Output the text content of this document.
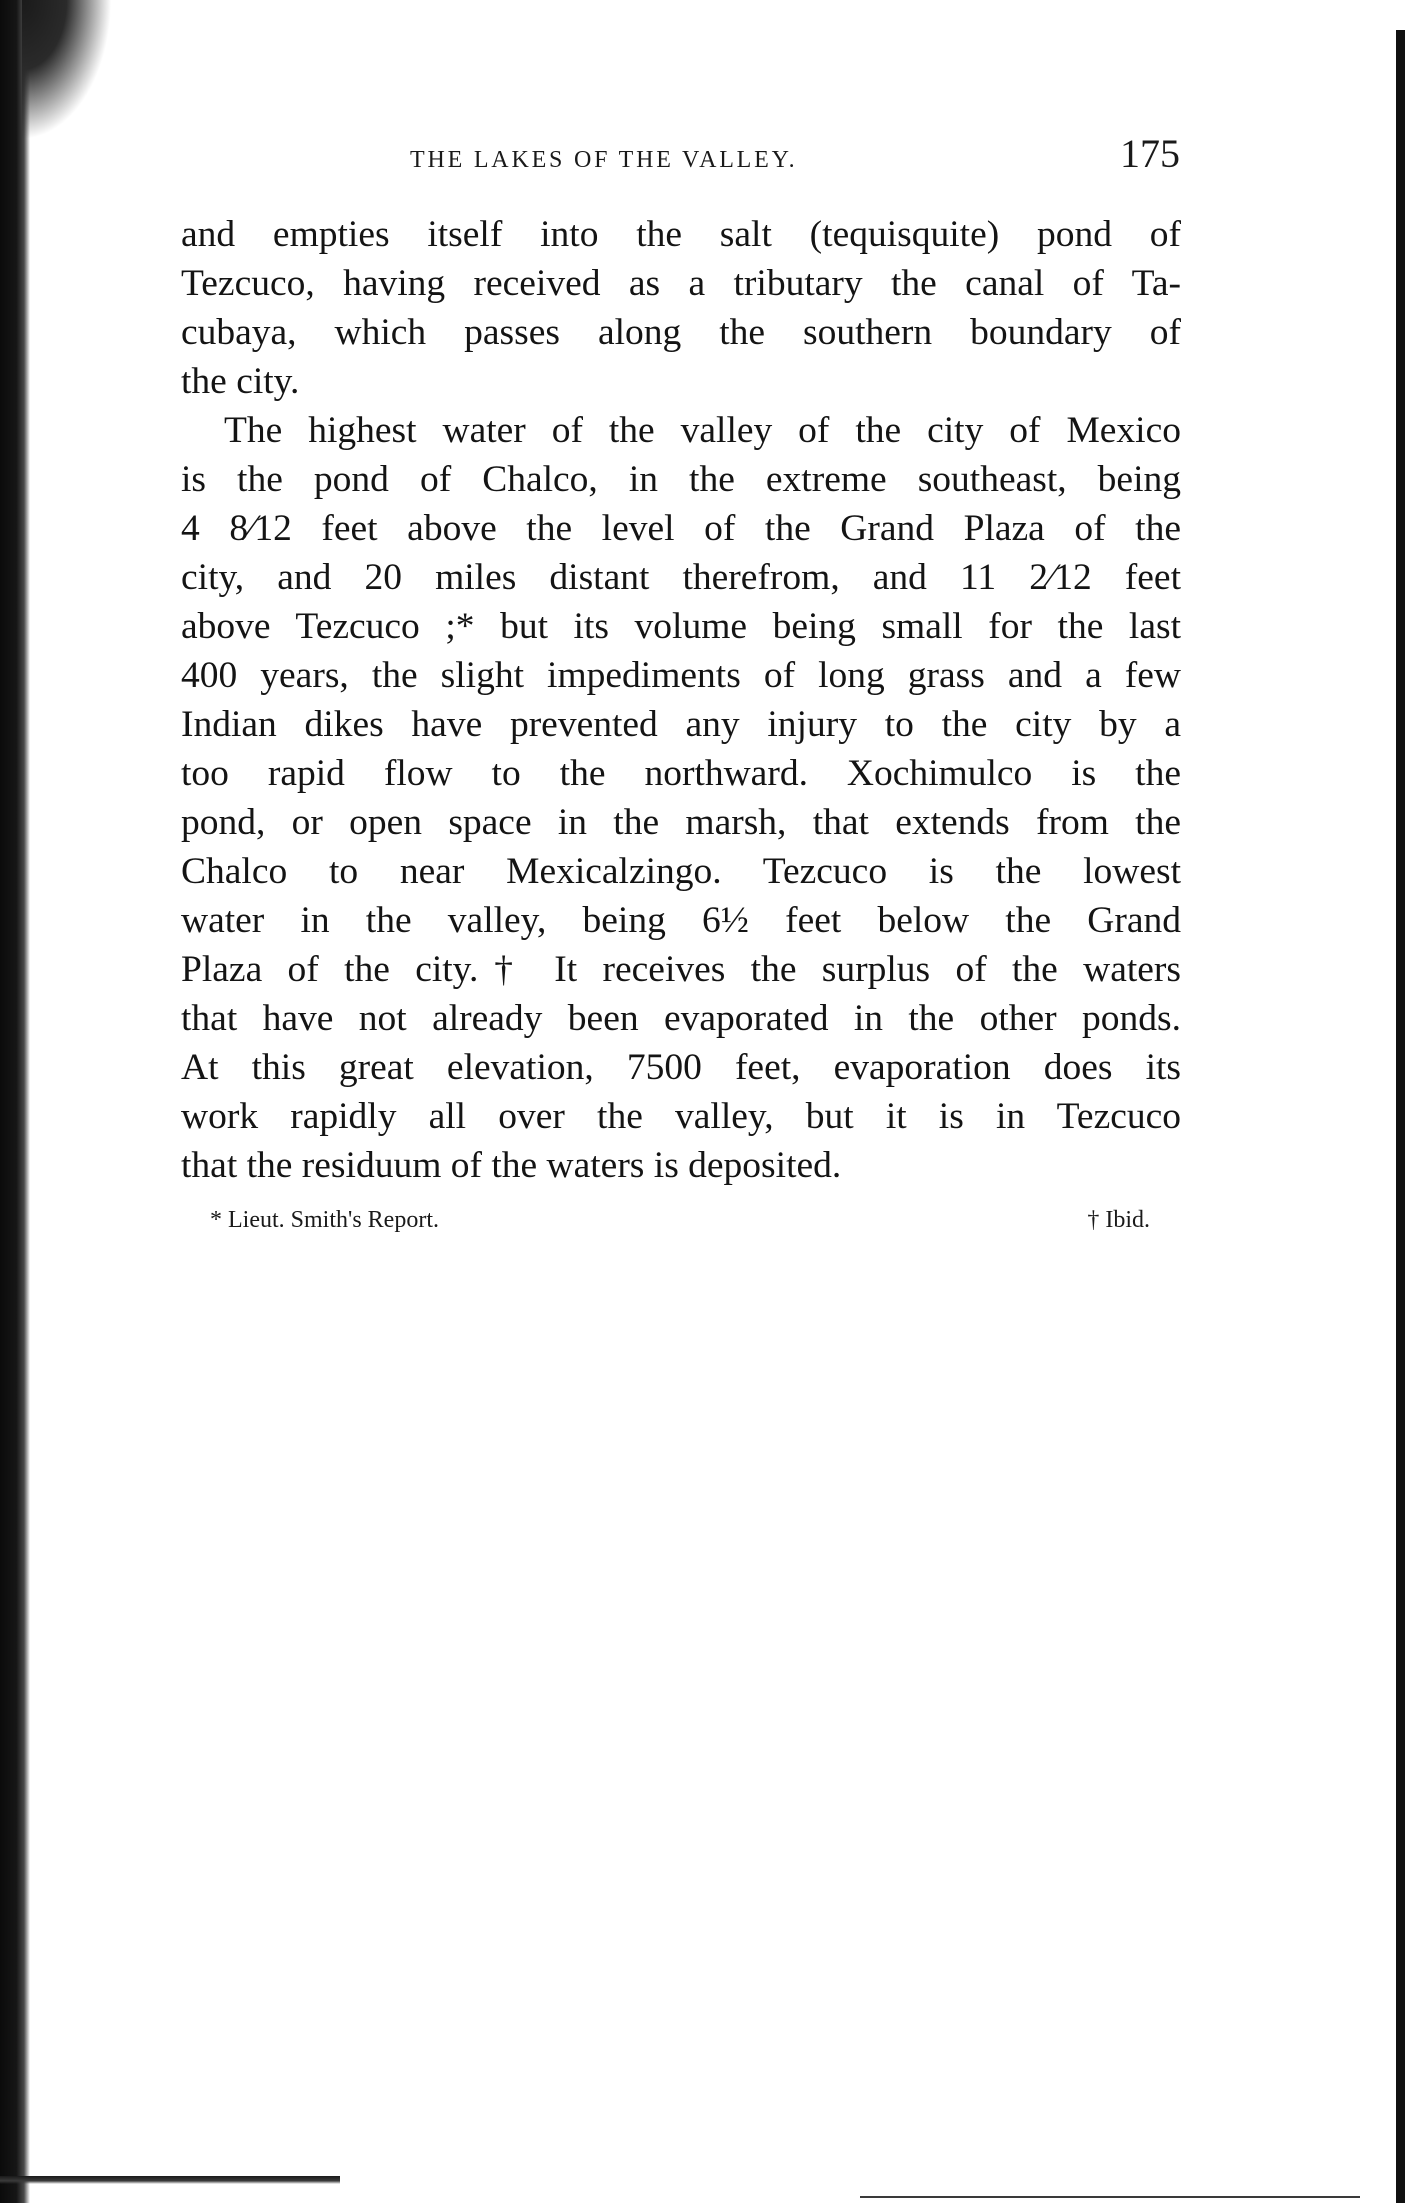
THE LAKES OF THE VALLEY.	175
and empties itself into the salt (tequisquite) pond of
Tezcuco, having received as a tributary the canal of Ta-
cubaya, which passes along the southern boundary of
the city.
The highest water of the valley of the city of Mexico
is the pond of Chalco, in the extreme southeast, being
4 8⁄12 feet above the level of the Grand Plaza of the
city, and 20 miles distant therefrom, and 11 2⁄12 feet
above Tezcuco ;* but its volume being small for the last
400 years, the slight impediments of long grass and a few
Indian dikes have prevented any injury to the city by a
too rapid flow to the northward. Xochimulco is the
pond, or open space in the marsh, that extends from the
Chalco to near Mexicalzingo. Tezcuco is the lowest
water in the valley, being 6½ feet below the Grand
Plaza of the city.† It receives the surplus of the waters
that have not already been evaporated in the other ponds.
At this great elevation, 7500 feet, evaporation does its
work rapidly all over the valley, but it is in Tezcuco
that the residuum of the waters is deposited.
* Lieut. Smith's Report.	† Ibid.
